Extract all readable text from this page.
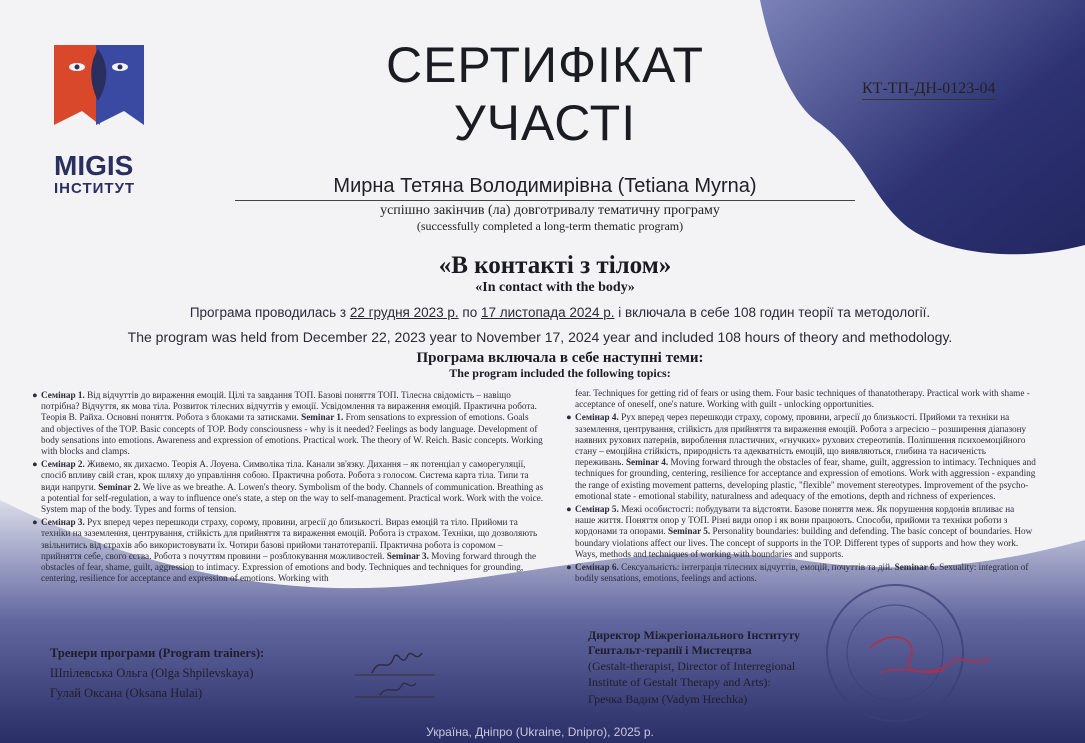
MIGIS
ІНСТИТУТ
СЕРТИФІКАТ
УЧАСТІ
КТ-ТП-ДН-0123-04
Мирна Тетяна Володимирівна (Tetiana Myrna)
успішно закінчив (ла) довготривалу тематичну програму
(successfully completed a long-term thematic program)
«В контакті з тілом»
«In contact with the body»
Програма проводилась з 22 грудня 2023 р. по 17 листопада 2024 р. і включала в себе 108 годин теорії та методології.
The program was held from December 22, 2023 year to November 17, 2024 year and included 108 hours of theory and methodology.
Програма включала в себе наступні теми:
The program included the following topics:
● Семінар 1. Від відчуттів до вираження емоцій. Цілі та завдання ТОП. Базові поняття ТОП. Тілесна свідомість – навіщо потрібна? Відчуття, як мова тіла. Розвиток тілесних відчуттів у емоції. Усвідомлення та вираження емоцій. Практична робота. Теорія В. Райха. Основні поняття. Робота з блоками та затисками. Seminar 1. From sensations to expression of emotions. Goals and objectives of the TOP. Basic concepts of TOP. Body consciousness - why is it needed? Feelings as body language. Development of body sensations into emotions. Awareness and expression of emotions. Practical work. The theory of W. Reich. Basic concepts. Working with blocks and clamps.
● Семінар 2. Живемо, як дихаємо. Теорія А. Лоуена. Символіка тіла. Канали зв'язку. Дихання – як потенціал у саморегуляції, спосіб впливу свій стан, крок шляху до управління собою. Практична робота. Робота з голосом. Система карта тіла. Типи та види напруги. Seminar 2. We live as we breathe. A. Lowen's theory. Symbolism of the body. Channels of communication. Breathing as a potential for self-regulation, a way to influence one's state, a step on the way to self-management. Practical work. Work with the voice. System map of the body. Types and forms of tension.
● Семінар 3. Рух вперед через перешкоди страху, сорому, провини, агресії до близькості. Вираз емоцій та тіло. Прийоми та техніки на заземлення, центрування, стійкість для прийняття та вираження емоцій. Робота із страхом. Техніки, що дозволяють звільнитись від страхів або використовувати їх. Чотири базові прийоми танатотерапії. Практична робота із соромом – прийняття себе, свого єства. Робота з почуттям провини – розблокування можливостей. Seminar 3. Moving forward through the obstacles of fear, shame, guilt, aggression to intimacy. Expression of emotions and body. Techniques and techniques for grounding, centering, resilience for acceptance and expression of emotions. Working with
fear. Techniques for getting rid of fears or using them. Four basic techniques of thanatotherapy. Practical work with shame - acceptance of oneself, one's nature. Working with guilt - unlocking opportunities.
● Семінар 4. Рух вперед через перешкоди страху, сорому, провини, агресії до близькості. Прийоми та техніки на заземлення, центрування, стійкість для прийняття та вираження емоцій. Робота з агресією – розширення діапазону наявних рухових патернів, вироблення пластичних, «гнучких» рухових стереотипів. Поліпшення психоемоційного стану – емоційна стійкість, природність та адекватність емоцій, що виявляються, глибина та насиченість переживань. Seminar 4. Moving forward through the obstacles of fear, shame, guilt, aggression to intimacy. Techniques and techniques for grounding, centering, resilience for acceptance and expression of emotions. Work with aggression - expanding the range of existing movement patterns, developing plastic, "flexible" movement stereotypes. Improvement of the psycho-emotional state - emotional stability, naturalness and adequacy of the emotions, depth and richness of experiences.
● Семінар 5. Межі особистості: побудувати та відстояти. Базове поняття меж. Як порушення кордонів впливає на наше життя. Поняття опор у ТОП. Різні види опор і як вони працюють. Способи, прийоми та техніки роботи з кордонами та опорами. Seminar 5. Personality boundaries: building and defending. The basic concept of boundaries. How boundary violations affect our lives. The concept of supports in the TOP. Different types of supports and how they work. Ways, methods and techniques of working with boundaries and supports.
● Семінар 6. Сексуальність: інтеграція тілесних відчуттів, емоцій, почуттів та дій. Seminar 6. Sexuality: integration of bodily sensations, emotions, feelings and actions.
Тренери програми (Program trainers):
Шпілевська Ольга (Olga Shpilevskaya)
Гулай Оксана (Oksana Hulai)
Директор Міжрегіонального Інституту
Гештальт-терапії і Мистецтва
(Gestalt-therapist, Director of Interregional
Institute of Gestalt Therapy and Arts):
Гречка Вадим (Vadym Hrechka)
Україна, Дніпро (Ukraine, Dnipro), 2025 р.
